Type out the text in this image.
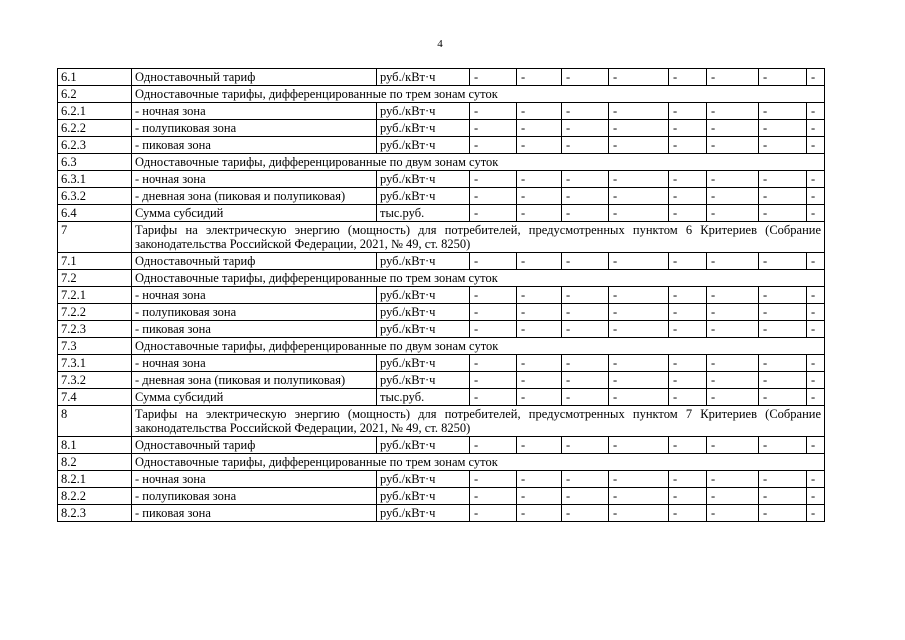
4
6.1	Одноставочный тариф	руб./кВт·ч	-	-	-	-	-	-	-	-
6.2	Одноставочные тарифы, дифференцированные по трем зонам суток									
6.2.1	- ночная зона	руб./кВт·ч	-	-	-	-	-	-	-	-
6.2.2	- полупиковая зона	руб./кВт·ч	-	-	-	-	-	-	-	-
6.2.3	- пиковая зона	руб./кВт·ч	-	-	-	-	-	-	-	-
6.3	Одноставочные тарифы, дифференцированные по двум зонам суток									
6.3.1	- ночная зона	руб./кВт·ч	-	-	-	-	-	-	-	-
6.3.2	- дневная зона (пиковая и полупиковая)	руб./кВт·ч	-	-	-	-	-	-	-	-
6.4	Сумма субсидий	тыс.руб.	-	-	-	-	-	-	-	-
7	Тарифы на электрическую энергию (мощность) для потребителей, предусмотренных пунктом 6 Критериев (Собрание законодательства Российской Федерации, 2021, № 49, ст. 8250)									
7.1	Одноставочный тариф	руб./кВт·ч	-	-	-	-	-	-	-	-
7.2	Одноставочные тарифы, дифференцированные по трем зонам суток									
7.2.1	- ночная зона	руб./кВт·ч	-	-	-	-	-	-	-	-
7.2.2	- полупиковая зона	руб./кВт·ч	-	-	-	-	-	-	-	-
7.2.3	- пиковая зона	руб./кВт·ч	-	-	-	-	-	-	-	-
7.3	Одноставочные тарифы, дифференцированные по двум зонам суток									
7.3.1	- ночная зона	руб./кВт·ч	-	-	-	-	-	-	-	-
7.3.2	- дневная зона (пиковая и полупиковая)	руб./кВт·ч	-	-	-	-	-	-	-	-
7.4	Сумма субсидий	тыс.руб.	-	-	-	-	-	-	-	-
8	Тарифы на электрическую энергию (мощность) для потребителей, предусмотренных пунктом 7 Критериев (Собрание законодательства Российской Федерации, 2021, № 49, ст. 8250)									
8.1	Одноставочный тариф	руб./кВт·ч	-	-	-	-	-	-	-	-
8.2	Одноставочные тарифы, дифференцированные по трем зонам суток									
8.2.1	- ночная зона	руб./кВт·ч	-	-	-	-	-	-	-	-
8.2.2	- полупиковая зона	руб./кВт·ч	-	-	-	-	-	-	-	-
8.2.3	- пиковая зона	руб./кВт·ч	-	-	-	-	-	-	-	-
